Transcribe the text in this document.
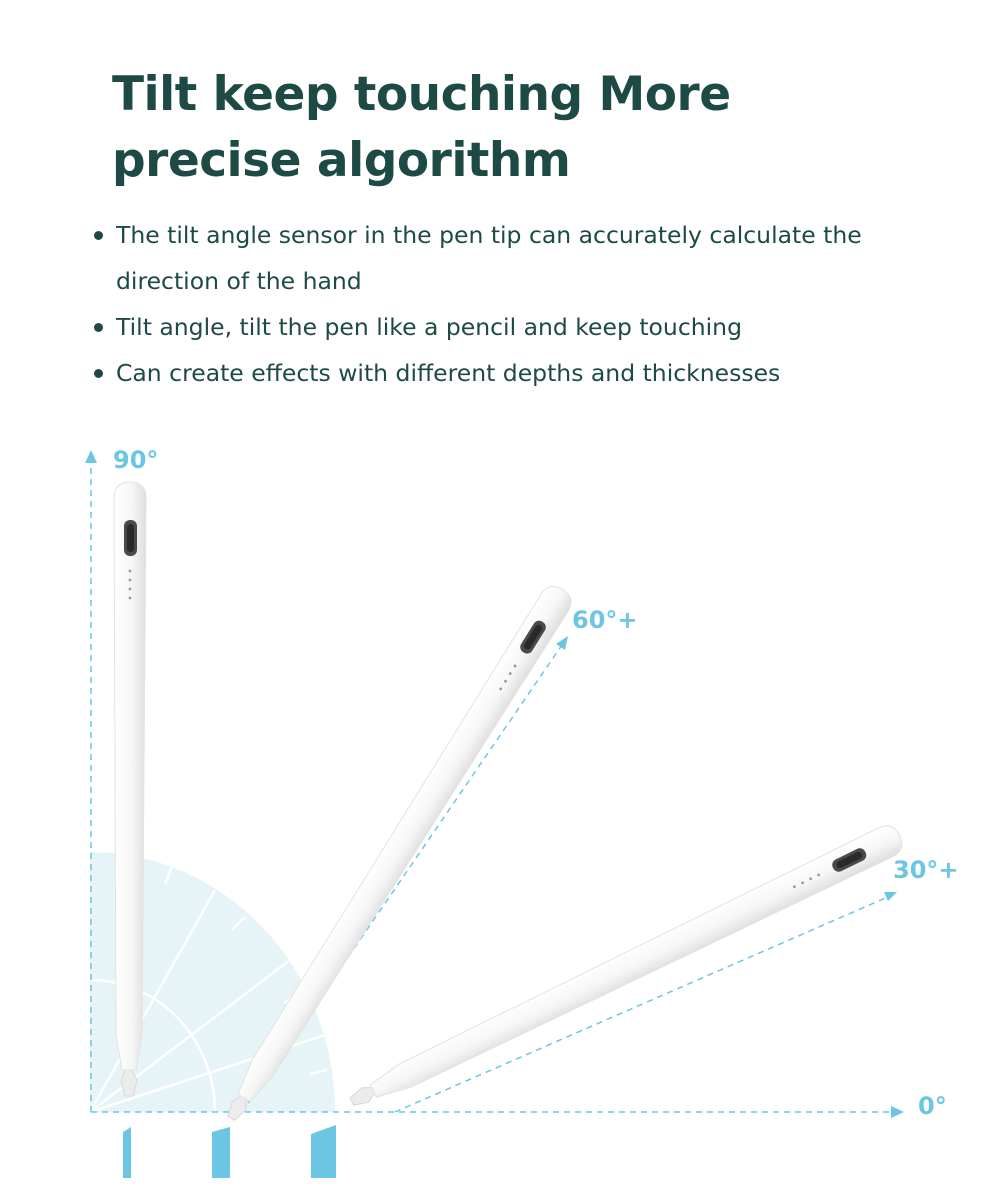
Tilt keep touching More
precise algorithm
The tilt angle sensor in the pen tip can accurately calculate the direction of the hand
Tilt angle, tilt the pen like a pencil and keep touching
Can create effects with different depths and thicknesses
90°
60°+
30°+
0°
